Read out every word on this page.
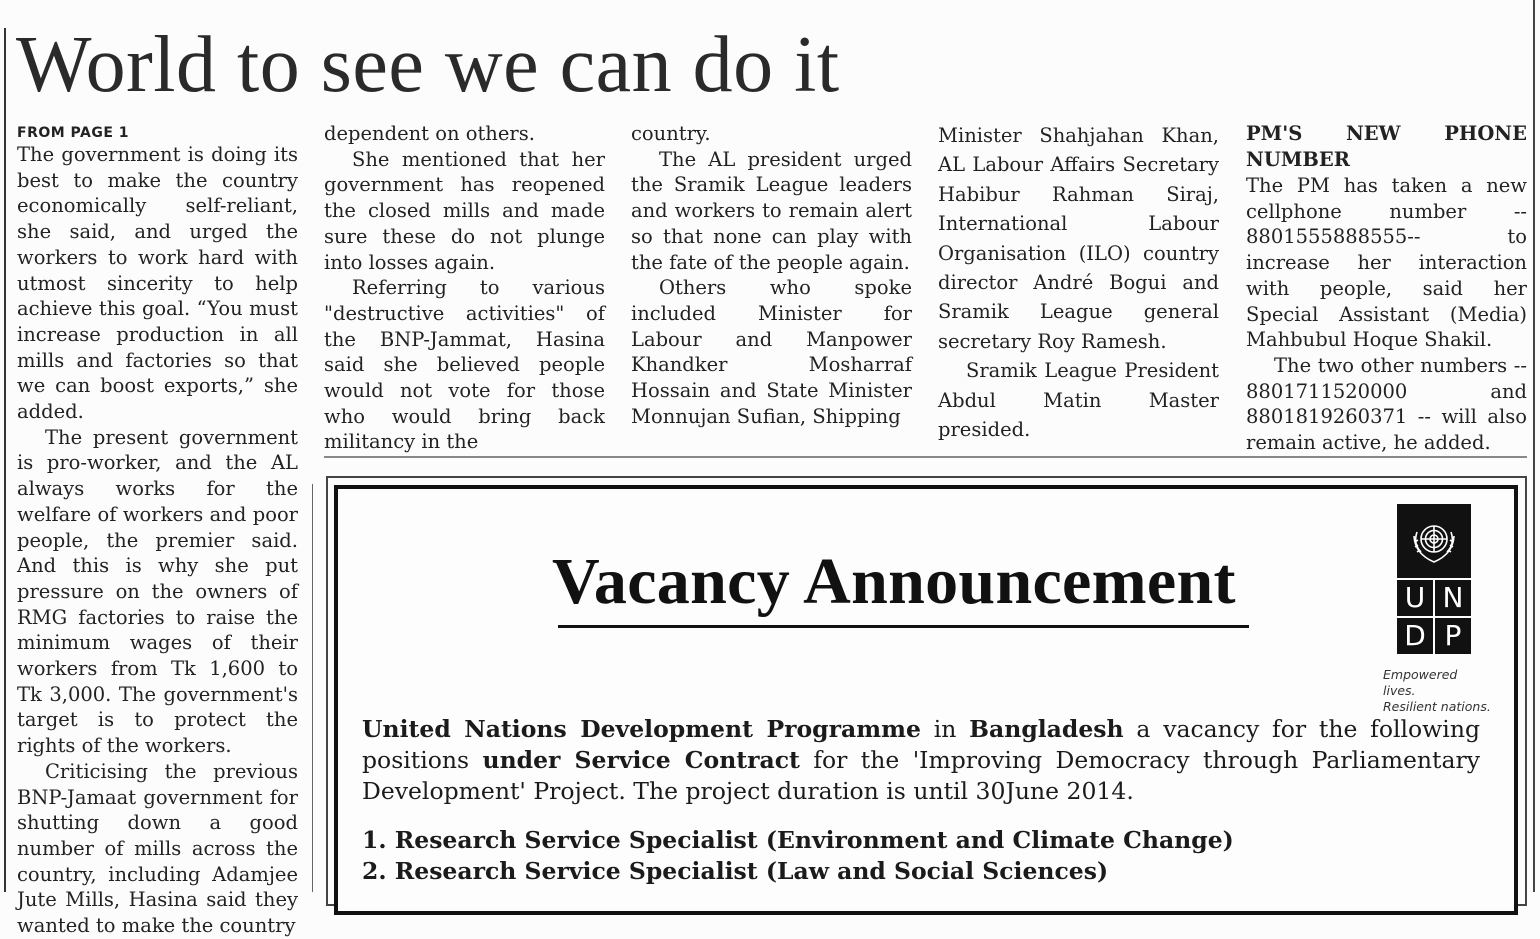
World to see we can do it
FROM PAGE 1

The government is doing its best to make the country economically self-reliant, she said, and urged the workers to work hard with utmost sincerity to help achieve this goal. “You must increase production in all mills and factories so that we can boost exports,” she added.

The present government is pro-worker, and the AL always works for the welfare of workers and poor people, the premier said. And this is why she put pressure on the owners of RMG factories to raise the minimum wages of their workers from Tk 1,600 to Tk 3,000. The government's target is to protect the rights of the workers.

Criticising the previous BNP-Jamaat government for shutting down a good number of mills across the country, including Adamjee Jute Mills, Hasina said they wanted to make the country

dependent on others.

She mentioned that her government has reopened the closed mills and made sure these do not plunge into losses again.

Referring to various "destructive activities" of the BNP-Jammat, Hasina said she believed people would not vote for those who would bring back militancy in the

country.

The AL president urged the Sramik League leaders and workers to remain alert so that none can play with the fate of the people again.

Others who spoke included Minister for Labour and Manpower Khandker Mosharraf Hossain and State Minister Monnujan Sufian, Shipping

Minister Shahjahan Khan, AL Labour Affairs Secretary Habibur Rahman Siraj, International Labour Organisation (ILO) country director André Bogui and Sramik League general secretary Roy Ramesh.

Sramik League President Abdul Matin Master presided.

PM'S NEW PHONE NUMBER

The PM has taken a new cellphone number -- 8801555888555-- to increase her interaction with people, said her Special Assistant (Media) Mahbubul Hoque Shakil.

The two other numbers -- 8801711520000 and 8801819260371 -- will also remain active, he added.

Vacancy Announcement	U N
D P
Empowered lives.
Resilient nations.

United Nations Development Programme in Bangladesh a vacancy for the following positions under Service Contract for the 'Improving Democracy through Parliamentary Development' Project. The project duration is until 30June 2014.

1. Research Service Specialist (Environment and Climate Change)
2. Research Service Specialist (Law and Social Sciences)
